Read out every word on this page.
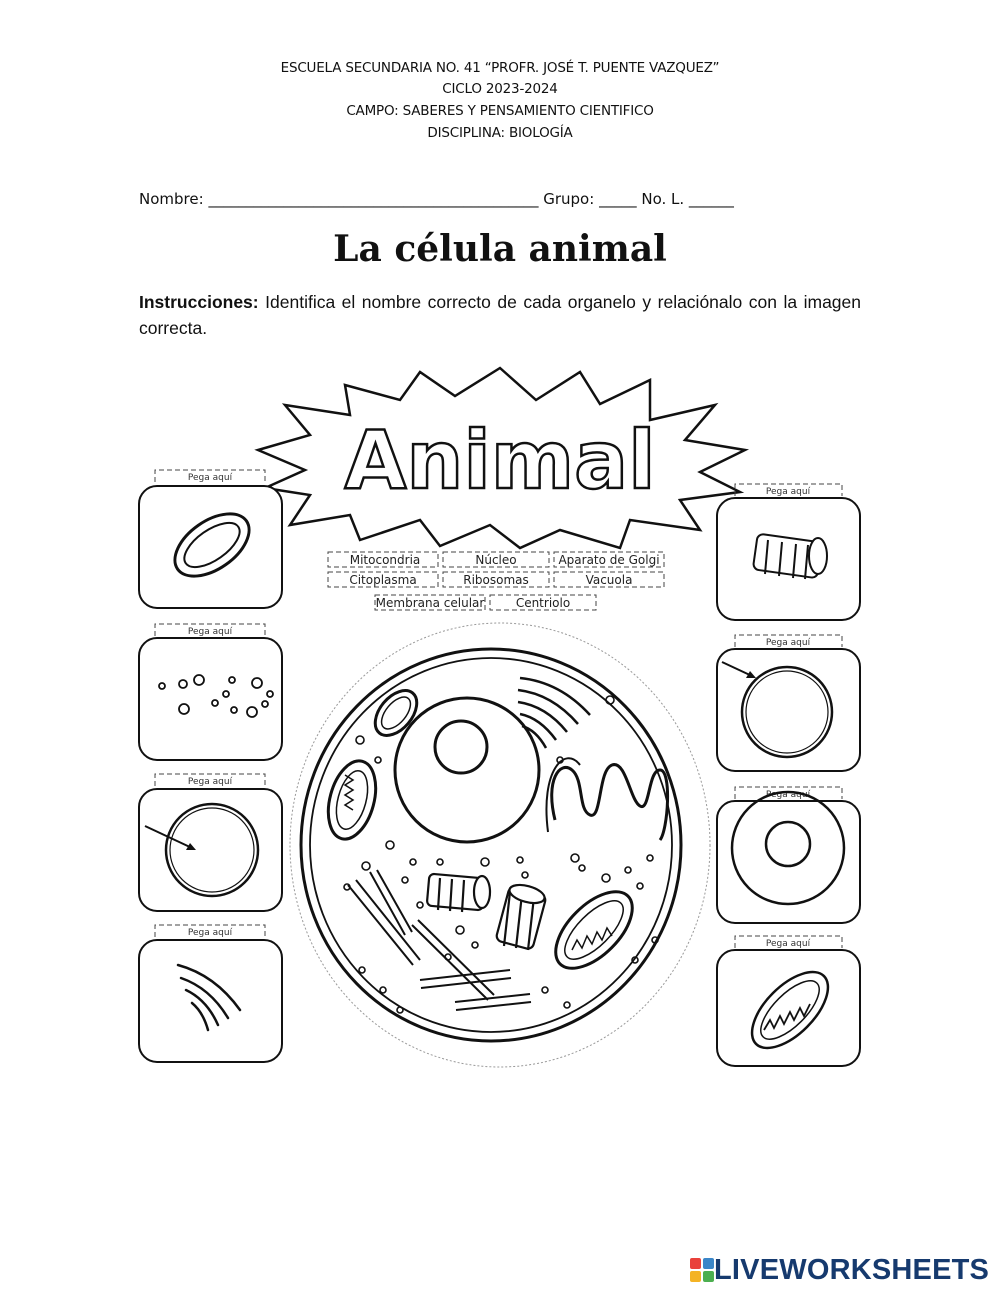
ESCUELA SECUNDARIA NO. 41 “PROFR. JOSÉ T. PUENTE VAZQUEZ”
CICLO 2023-2024
CAMPO: SABERES Y PENSAMIENTO CIENTIFICO
DISCIPLINA: BIOLOGÍA
Nombre: ____________________________________________ Grupo: _____ No. L. ______
La célula animal
Instrucciones: Identifica el nombre correcto de cada organelo y relaciónalo con la imagen correcta.
Animal
Mitocondria	Núcleo	Aparato de Golgi
Citoplasma	Ribosomas	Vacuola
Membrana celular	Centriolo
Pega aquí
Pega aquí
Pega aquí
Pega aquí
Pega aquí
Pega aquí
Pega aquí
Pega aquí
LIVEWORKSHEETS
